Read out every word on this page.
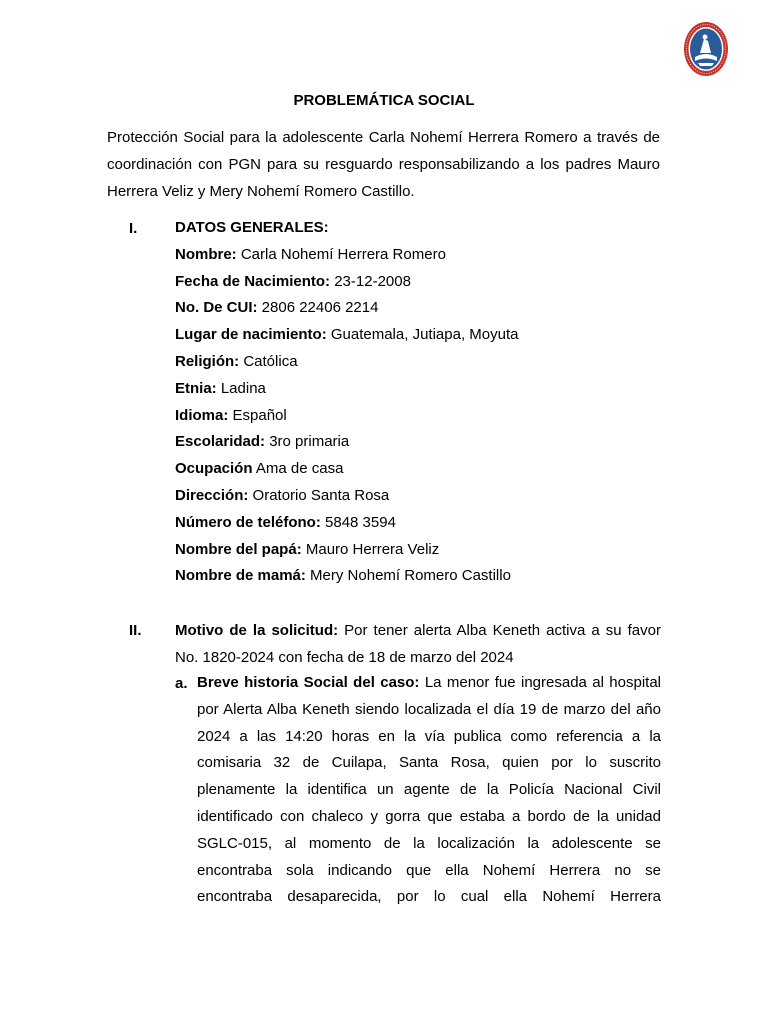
PROBLEMÁTICA SOCIAL

Protección Social para la adolescente Carla Nohemí Herrera Romero a través de coordinación con PGN para su resguardo responsabilizando a los padres Mauro Herrera Veliz y Mery Nohemí Romero Castillo.

I.	DATOS GENERALES:
Nombre: Carla Nohemí Herrera Romero
Fecha de Nacimiento: 23-12-2008
No. De CUI: 2806 22406 2214
Lugar de nacimiento: Guatemala, Jutiapa, Moyuta
Religión: Católica
Etnia: Ladina
Idioma: Español
Escolaridad: 3ro primaria
Ocupación Ama de casa
Dirección: Oratorio Santa Rosa
Número de teléfono: 5848 3594
Nombre del papá: Mauro Herrera Veliz
Nombre de mamá: Mery Nohemí Romero Castillo
II. Motivo de la solicitud: Por tener alerta Alba Keneth activa a su favor No. 1820-2024 con fecha de 18 de marzo del 2024

a. Breve historia Social del caso: La menor fue ingresada al hospital
por Alerta Alba Keneth siendo localizada el día 19 de marzo del año
2024 a las 14:20 horas en la vía publica como referencia a la
comisaria 32 de Cuilapa, Santa Rosa, quien por lo suscrito
plenamente la identifica un agente de la Policía Nacional Civil
identificado con chaleco y gorra que estaba a bordo de la unidad
SGLC-015, al momento de la localización la adolescente se
encontraba sola indicando que ella Nohemí Herrera no se
encontraba desaparecida, por lo cual ella Nohemí Herrera
